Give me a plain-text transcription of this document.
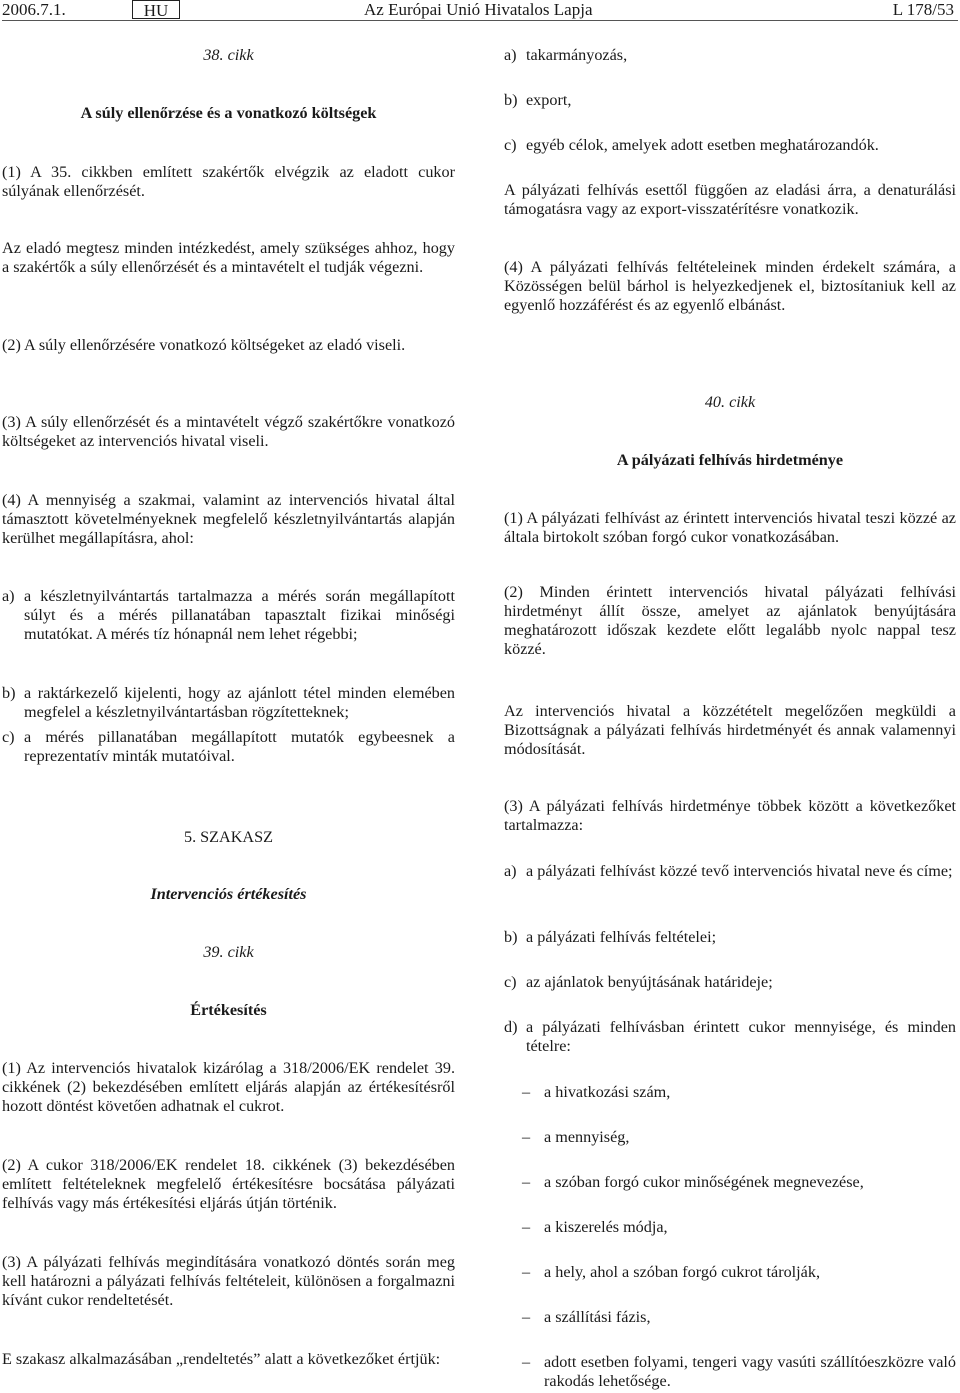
2006.7.1.	HU	Az Európai Unió Hivatalos Lapja	L 178/53
38. cikk
A súly ellenőrzése és a vonatkozó költségek

(1) A 35. cikkben említett szakértők elvégzik az eladott cukor súlyának ellenőrzését.

Az eladó megtesz minden intézkedést, amely szükséges ahhoz, hogy a szakértők a súly ellenőrzését és a mintavételt el tudják végezni.

(2) A súly ellenőrzésére vonatkozó költségeket az eladó viseli.

(3) A súly ellenőrzését és a mintavételt végző szakértőkre vonatkozó költségeket az intervenciós hivatal viseli.

(4) A mennyiség a szakmai, valamint az intervenciós hivatal által támasztott követelményeknek megfelelő készletnyilvántartás alapján kerülhet megállapításra, ahol:

a) a készletnyilvántartás tartalmazza a mérés során megállapított súlyt és a mérés pillanatában tapasztalt fizikai minőségi mutatókat. A mérés tíz hónapnál nem lehet régebbi;
b) a raktárkezelő kijelenti, hogy az ajánlott tétel minden elemében megfelel a készletnyilvántartásban rögzítetteknek;
c) a mérés pillanatában megállapított mutatók egybeesnek a reprezentatív minták mutatóival.
5. SZAKASZ
Intervenciós értékesítés
39. cikk
Értékesítés

(1) Az intervenciós hivatalok kizárólag a 318/2006/EK rendelet 39. cikkének (2) bekezdésében említett eljárás alapján az értékesítésről hozott döntést követően adhatnak el cukrot.

(2) A cukor 318/2006/EK rendelet 18. cikkének (3) bekezdésében említett feltételeknek megfelelő értékesítésre bocsátása pályázati felhívás vagy más értékesítési eljárás útján történik.

(3) A pályázati felhívás megindítására vonatkozó döntés során meg kell határozni a pályázati felhívás feltételeit, különösen a forgalmazni kívánt cukor rendeltetését.

E szakasz alkalmazásában „rendeltetés” alatt a következőket értjük:

a) takarmányozás,
b) export,
c) egyéb célok, amelyek adott esetben meghatározandók.

A pályázati felhívás esettől függően az eladási árra, a denaturálási támogatásra vagy az export-visszatérítésre vonatkozik.

(4) A pályázati felhívás feltételeinek minden érdekelt számára, a Közösségen belül bárhol is helyezkedjenek el, biztosítaniuk kell az egyenlő hozzáférést és az egyenlő elbánást.

40. cikk
A pályázati felhívás hirdetménye

(1) A pályázati felhívást az érintett intervenciós hivatal teszi közzé az általa birtokolt szóban forgó cukor vonatkozásában.

(2) Minden érintett intervenciós hivatal pályázati felhívási hirdetményt állít össze, amelyet az ajánlatok benyújtására meghatározott időszak kezdete előtt legalább nyolc nappal tesz közzé.

Az intervenciós hivatal a közzétételt megelőzően megküldi a Bizottságnak a pályázati felhívás hirdetményét és annak valamennyi módosítását.

(3) A pályázati felhívás hirdetménye többek között a következőket tartalmazza:

a) a pályázati felhívást közzé tevő intervenciós hivatal neve és címe;
b) a pályázati felhívás feltételei;
c) az ajánlatok benyújtásának határideje;
d) a pályázati felhívásban érintett cukor mennyisége, és minden tételre:
– a hivatkozási szám,
– a mennyiség,
– a szóban forgó cukor minőségének megnevezése,
– a kiszerelés módja,
– a hely, ahol a szóban forgó cukrot tárolják,
– a szállítási fázis,
– adott esetben folyami, tengeri vagy vasúti szállítóeszközre való rakodás lehetősége.
